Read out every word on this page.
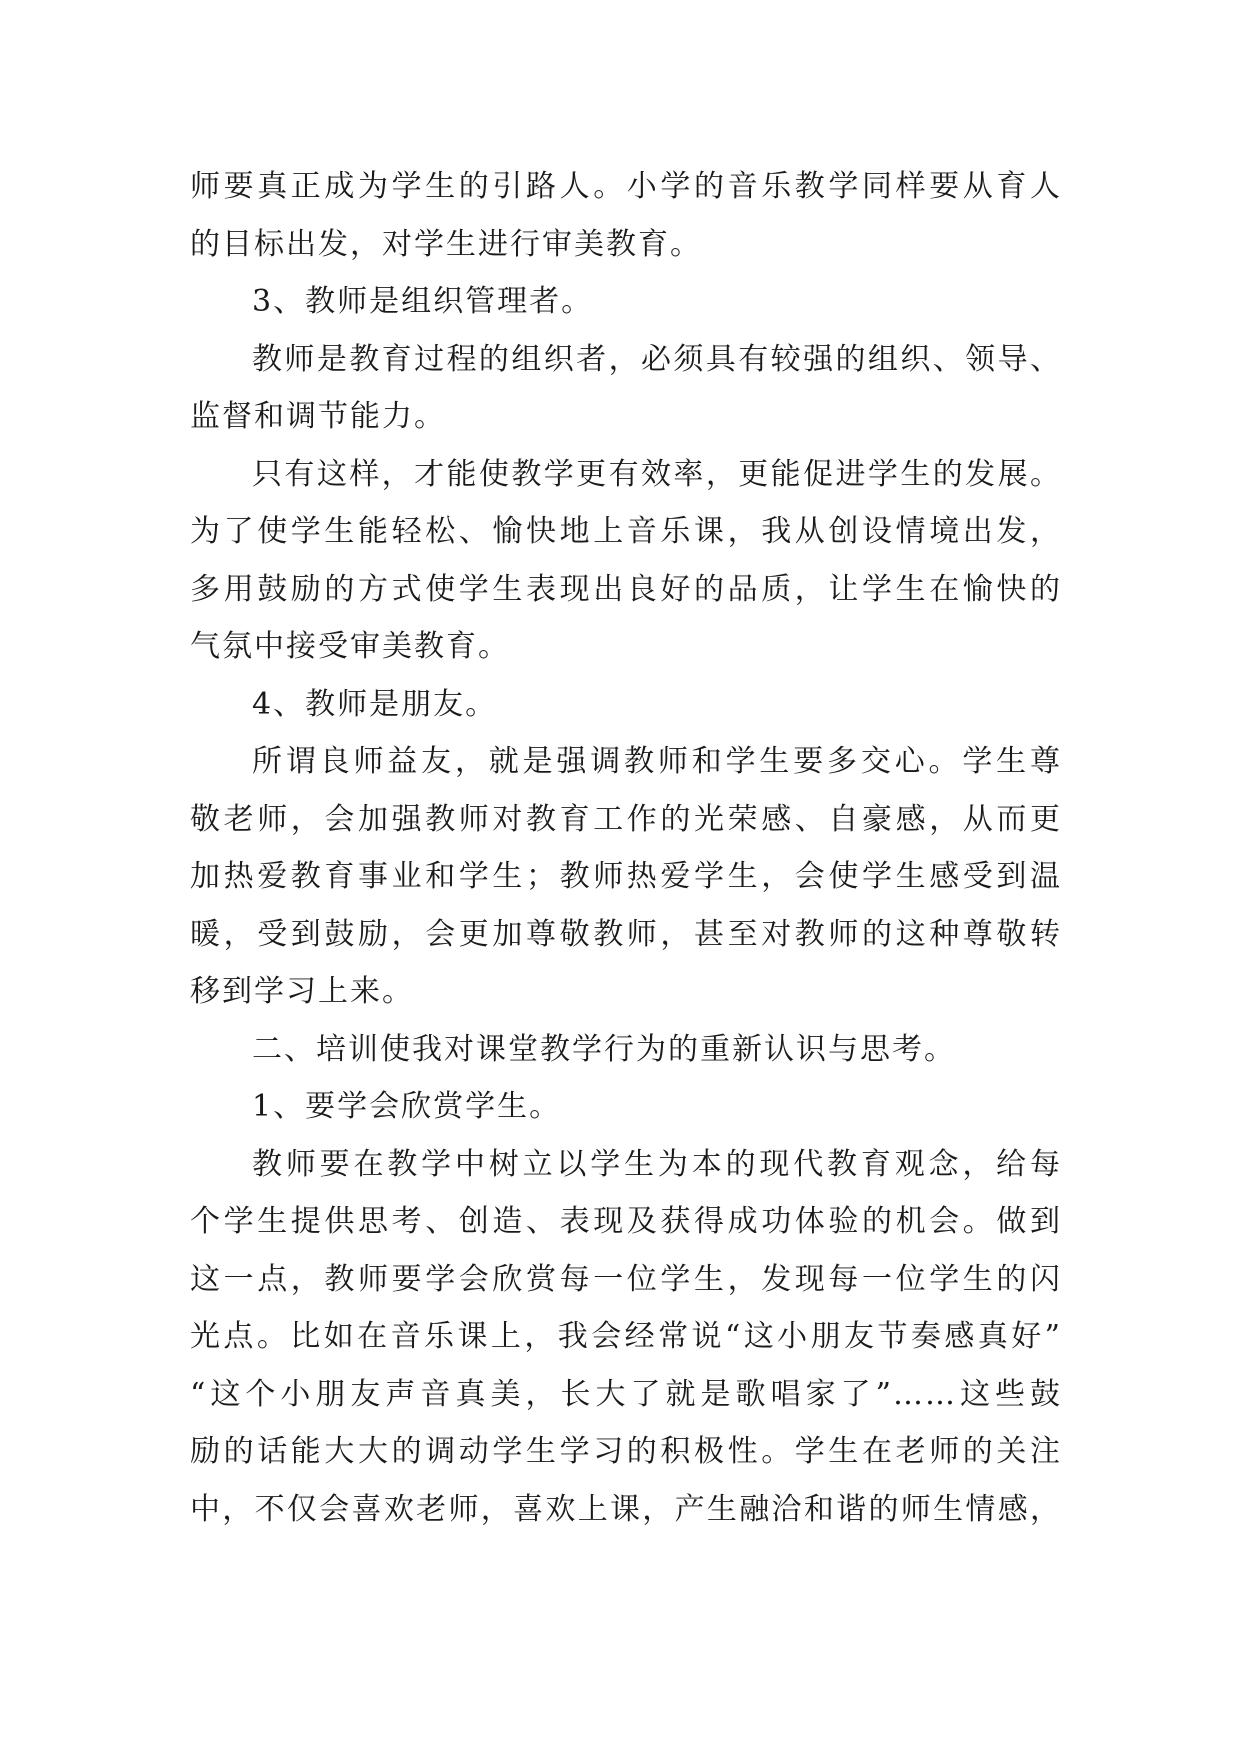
师要真正成为学生的引路人。小学的音乐教学同样要从育人
的目标出发，对学生进行审美教育。
3、教师是组织管理者。
教师是教育过程的组织者，必须具有较强的组织、领导、
监督和调节能力。
只有这样，才能使教学更有效率，更能促进学生的发展。
为了使学生能轻松、愉快地上音乐课，我从创设情境出发，
多用鼓励的方式使学生表现出良好的品质，让学生在愉快的
气氛中接受审美教育。
4、教师是朋友。
所谓良师益友，就是强调教师和学生要多交心。学生尊
敬老师，会加强教师对教育工作的光荣感、自豪感，从而更
加热爱教育事业和学生；教师热爱学生，会使学生感受到温
暖，受到鼓励，会更加尊敬教师，甚至对教师的这种尊敬转
移到学习上来。
二、培训使我对课堂教学行为的重新认识与思考。
1、要学会欣赏学生。
教师要在教学中树立以学生为本的现代教育观念，给每
个学生提供思考、创造、表现及获得成功体验的机会。做到
这一点，教师要学会欣赏每一位学生，发现每一位学生的闪
光点。比如在音乐课上，我会经常说“这小朋友节奏感真好”
“这个小朋友声音真美，长大了就是歌唱家了”……这些鼓
励的话能大大的调动学生学习的积极性。学生在老师的关注
中，不仅会喜欢老师，喜欢上课，产生融洽和谐的师生情感，
